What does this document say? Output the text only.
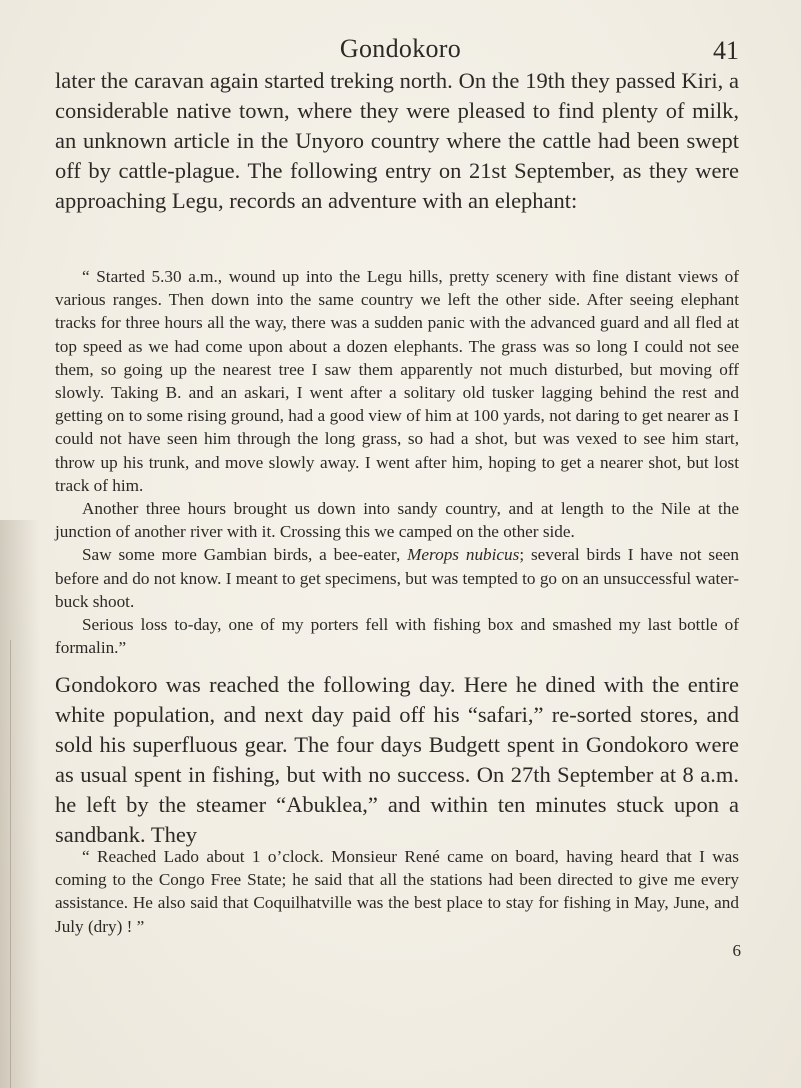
Gondokoro	41

later the caravan again started treking north. On the 19th they passed Kiri, a considerable native town, where they were pleased to find plenty of milk, an unknown article in the Unyoro country where the cattle had been swept off by cattle-plague. The following entry on 21st September, as they were approaching Legu, records an adventure with an elephant:

“ Started 5.30 a.m., wound up into the Legu hills, pretty scenery with fine distant views of various ranges. Then down into the same country we left the other side. After seeing elephant tracks for three hours all the way, there was a sudden panic with the advanced guard and all fled at top speed as we had come upon about a dozen elephants. The grass was so long I could not see them, so going up the nearest tree I saw them apparently not much disturbed, but moving off slowly. Taking B. and an askari, I went after a solitary old tusker lagging behind the rest and getting on to some rising ground, had a good view of him at 100 yards, not daring to get nearer as I could not have seen him through the long grass, so had a shot, but was vexed to see him start, throw up his trunk, and move slowly away. I went after him, hoping to get a nearer shot, but lost track of him.

Another three hours brought us down into sandy country, and at length to the Nile at the junction of another river with it. Crossing this we camped on the other side.

Saw some more Gambian birds, a bee-eater, Merops nubicus; several birds I have not seen before and do not know. I meant to get specimens, but was tempted to go on an unsuccessful water-buck shoot.

Serious loss to-day, one of my porters fell with fishing box and smashed my last bottle of formalin.”

Gondokoro was reached the following day. Here he dined with the entire white population, and next day paid off his “safari,” re-sorted stores, and sold his superfluous gear. The four days Budgett spent in Gondokoro were as usual spent in fishing, but with no success. On 27th September at 8 a.m. he left by the steamer “Abuklea,” and within ten minutes stuck upon a sandbank. They

“ Reached Lado about 1 o’clock. Monsieur René came on board, having heard that I was coming to the Congo Free State; he said that all the stations had been directed to give me every assistance. He also said that Coquilhatville was the best place to stay for fishing in May, June, and July (dry) ! ”

6
